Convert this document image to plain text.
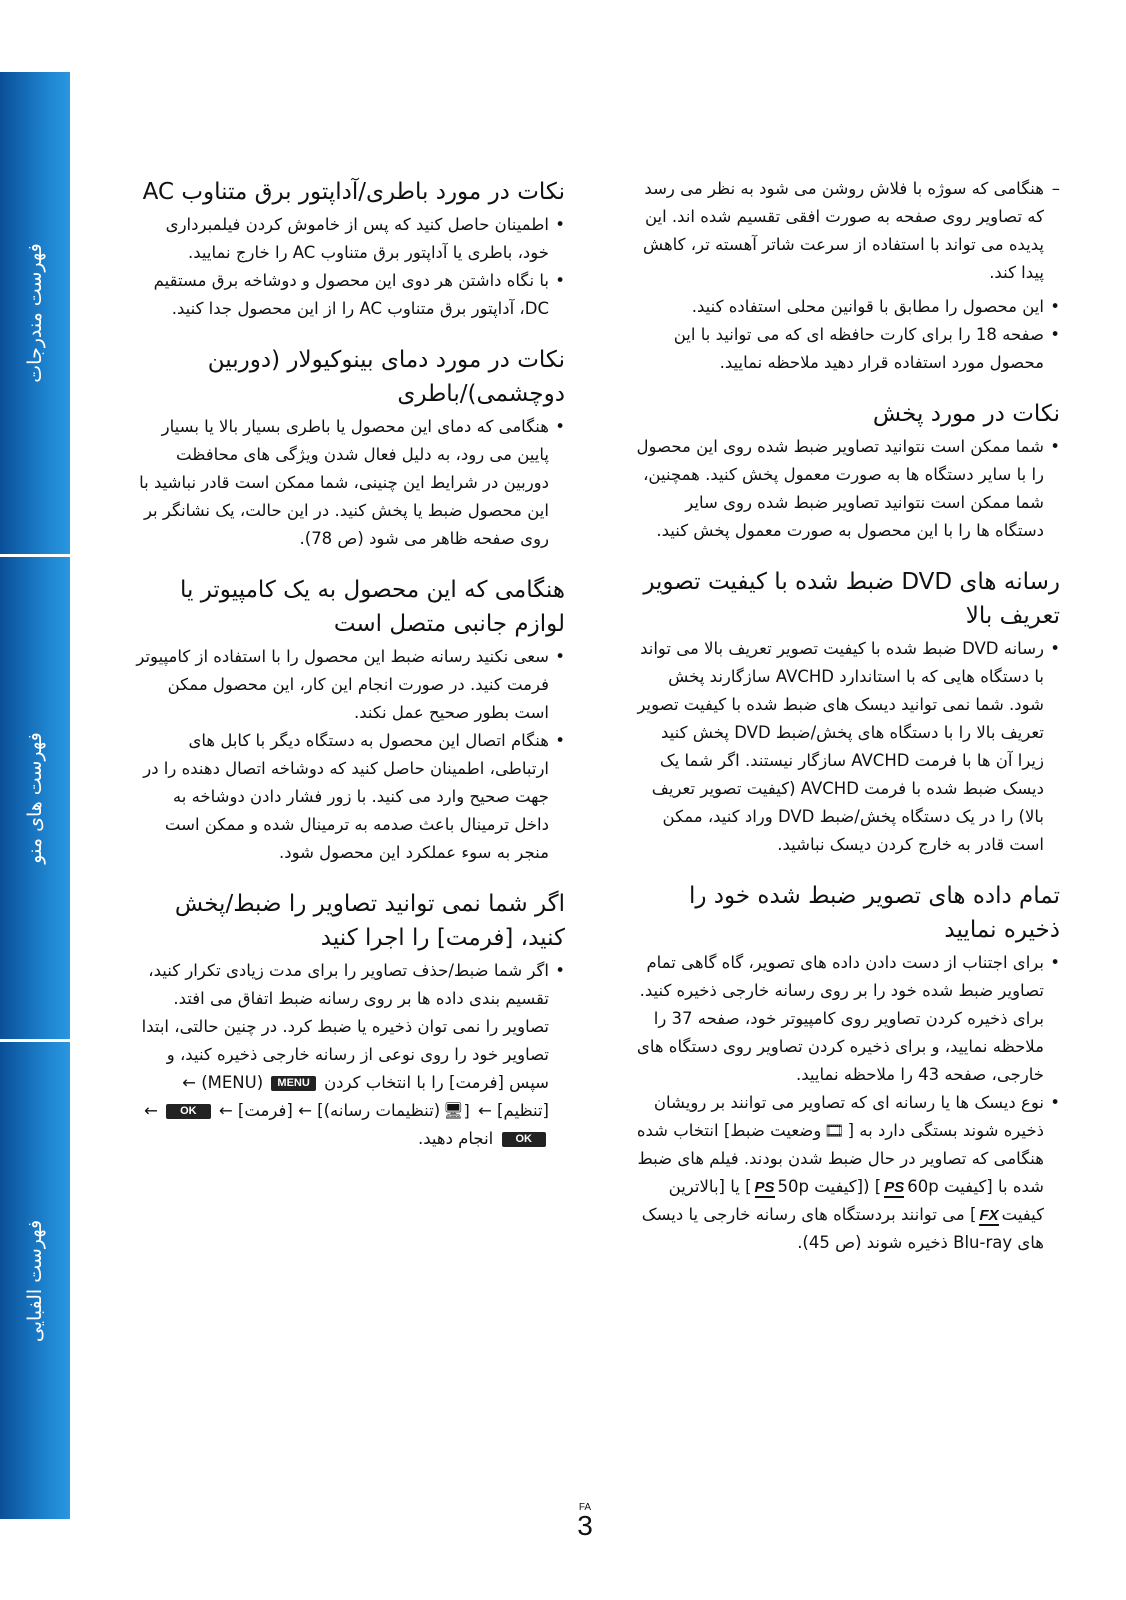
فهرست مندرجات
فهرست های منو
فهرست الفبایی
–
هنگامی که سوژه با فلاش روشن می شود به نظر می رسد که تصاویر روی صفحه به صورت افقی تقسیم شده اند. این پدیده می تواند با استفاده از سرعت شاتر آهسته تر، کاهش پیدا کند.
• این محصول را مطابق با قوانین محلی استفاده کنید.
• صفحه 18 را برای کارت حافظه ای که می توانید با این محصول مورد استفاده قرار دهید ملاحظه نمایید.
نکات در مورد پخش
• شما ممکن است نتوانید تصاویر ضبط شده روی این محصول را با سایر دستگاه ها به صورت معمول پخش کنید. همچنین، شما ممکن است نتوانید تصاویر ضبط شده روی سایر دستگاه ها را با این محصول به صورت معمول پخش کنید.
رسانه های DVD ضبط شده با کیفیت تصویر تعریف بالا
• رسانه DVD ضبط شده با کیفیت تصویر تعریف بالا می تواند با دستگاه هایی که با استاندارد AVCHD سازگارند پخش شود. شما نمی توانید دیسک های ضبط شده با کیفیت تصویر تعریف بالا را با دستگاه های پخش/ضبط DVD پخش کنید زیرا آن ها با فرمت AVCHD سازگار نیستند. اگر شما یک دیسک ضبط شده با فرمت AVCHD (کیفیت تصویر تعریف بالا) را در یک دستگاه پخش/ضبط DVD وراد کنید، ممکن است قادر به خارج کردن دیسک نباشید.
تمام داده های تصویر ضبط شده خود را ذخیره نمایید
• برای اجتناب از دست دادن داده های تصویر، گاه گاهی تمام تصاویر ضبط شده خود را بر روی رسانه خارجی ذخیره کنید. برای ذخیره کردن تصاویر روی کامپیوتر خود، صفحه 37 را ملاحظه نمایید، و برای ذخیره کردن تصاویر روی دستگاه های خارجی، صفحه 43 را ملاحظه نمایید.
• نوع دیسک ها یا رسانه ای که تصاویر می توانند بر رویشان ذخیره شوند بستگی دارد به [🎞وضعیت ضبط] انتخاب شده هنگامی که تصاویر در حال ضبط شدن بودند. فیلم های ضبط شده با [کیفیت 60pPS] ([کیفیت 50pPS] یا [بالاترین کیفیتFX] می توانند بردستگاه های رسانه خارجی یا دیسک های Blu-ray ذخیره شوند (ص 45).
نکات در مورد باطری/آداپتور برق متناوب AC
• اطمینان حاصل کنید که پس از خاموش کردن فیلمبرداری خود، باطری یا آداپتور برق متناوب AC را خارج نمایید.
• با نگاه داشتن هر دوی این محصول و دوشاخه برق مستقیم DC، آداپتور برق متناوب AC را از این محصول جدا کنید.
نکات در مورد دمای بینوکیولار (دوربین دوچشمی)/باطری
• هنگامی که دمای این محصول یا باطری بسیار بالا یا بسیار پایین می رود، به دلیل فعال شدن ویژگی های محافظت دوربین در شرایط این چنینی، شما ممکن است قادر نباشید با این محصول ضبط یا پخش کنید. در این حالت، یک نشانگر بر روی صفحه ظاهر می شود (ص 78).
هنگامی که این محصول به یک کامپیوتر یا لوازم جانبی متصل است
• سعی نکنید رسانه ضبط این محصول را با استفاده از کامپیوتر فرمت کنید. در صورت انجام این کار، این محصول ممکن است بطور صحیح عمل نکند.
• هنگام اتصال این محصول به دستگاه دیگر با کابل های ارتباطی، اطمینان حاصل کنید که دوشاخه اتصال دهنده را در جهت صحیح وارد می کنید. با زور فشار دادن دوشاخه به داخل ترمینال باعث صدمه به ترمینال شده و ممکن است منجر به سوء عملکرد این محصول شود.
اگر شما نمی توانید تصاویر را ضبط/پخش کنید، [فرمت] را اجرا کنید
• اگر شما ضبط/حذف تصاویر را برای مدت زیادی تکرار کنید، تقسیم بندی داده ها بر روی رسانه ضبط اتفاق می افتد. تصاویر را نمی توان ذخیره یا ضبط کرد. در چنین حالتی، ابتدا تصاویر خود را روی نوعی از رسانه خارجی ذخیره کنید، و سپس [فرمت] را با انتخاب کردن MENU (MENU) ← [تنظیم] ← [🖥(تنظیمات رسانه)] ← [فرمت] ← OK ← OK انجام دهید.
FA
3
